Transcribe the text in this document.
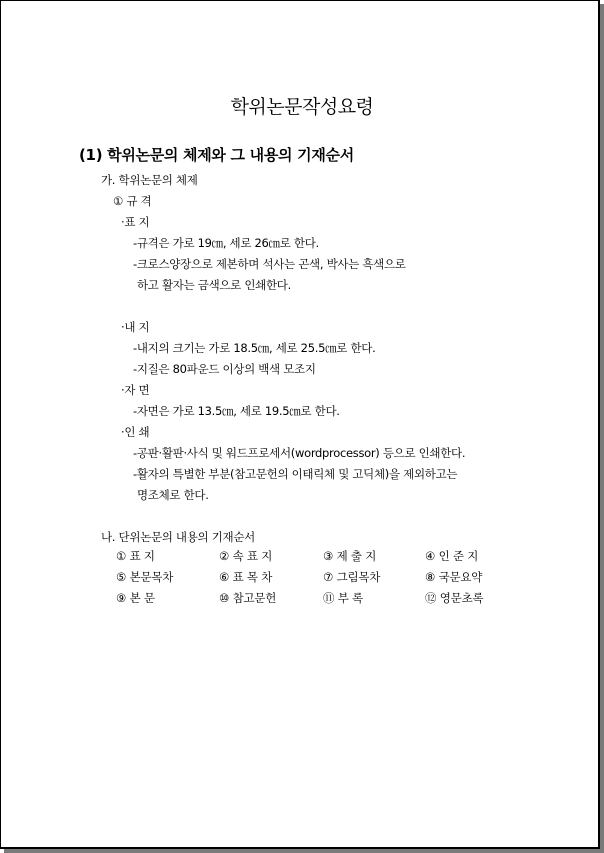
학위논문작성요령
(1) 학위논문의 체제와 그 내용의 기재순서
가. 학위논문의 체제
① 규 격
·표 지
-규격은 가로 19㎝, 세로 26㎝로 한다.
-크로스양장으로 제본하며 석사는 곤색, 박사는 흑색으로
하고 활자는 금색으로 인쇄한다.
·내 지
-내지의 크기는 가로 18.5㎝, 세로 25.5㎝로 한다.
-지질은 80파운드 이상의 백색 모조지
·자 면
-자면은 가로 13.5㎝, 세로 19.5㎝로 한다.
·인 쇄
-공판·활판·사식 및 워드프로세서(wordprocessor) 등으로 인쇄한다.
-활자의 특별한 부분(참고문헌의 이태릭체 및 고딕체)을 제외하고는
명조체로 한다.
나. 단위논문의 내용의 기재순서
① 표 지	② 속 표 지	③ 제 출 지	④ 인 준 지
⑤ 본문목차	⑥ 표 목 차	⑦ 그림목차	⑧ 국문요약
⑨ 본 문	⑩ 참고문헌	⑪ 부 록	⑫ 영문초록
